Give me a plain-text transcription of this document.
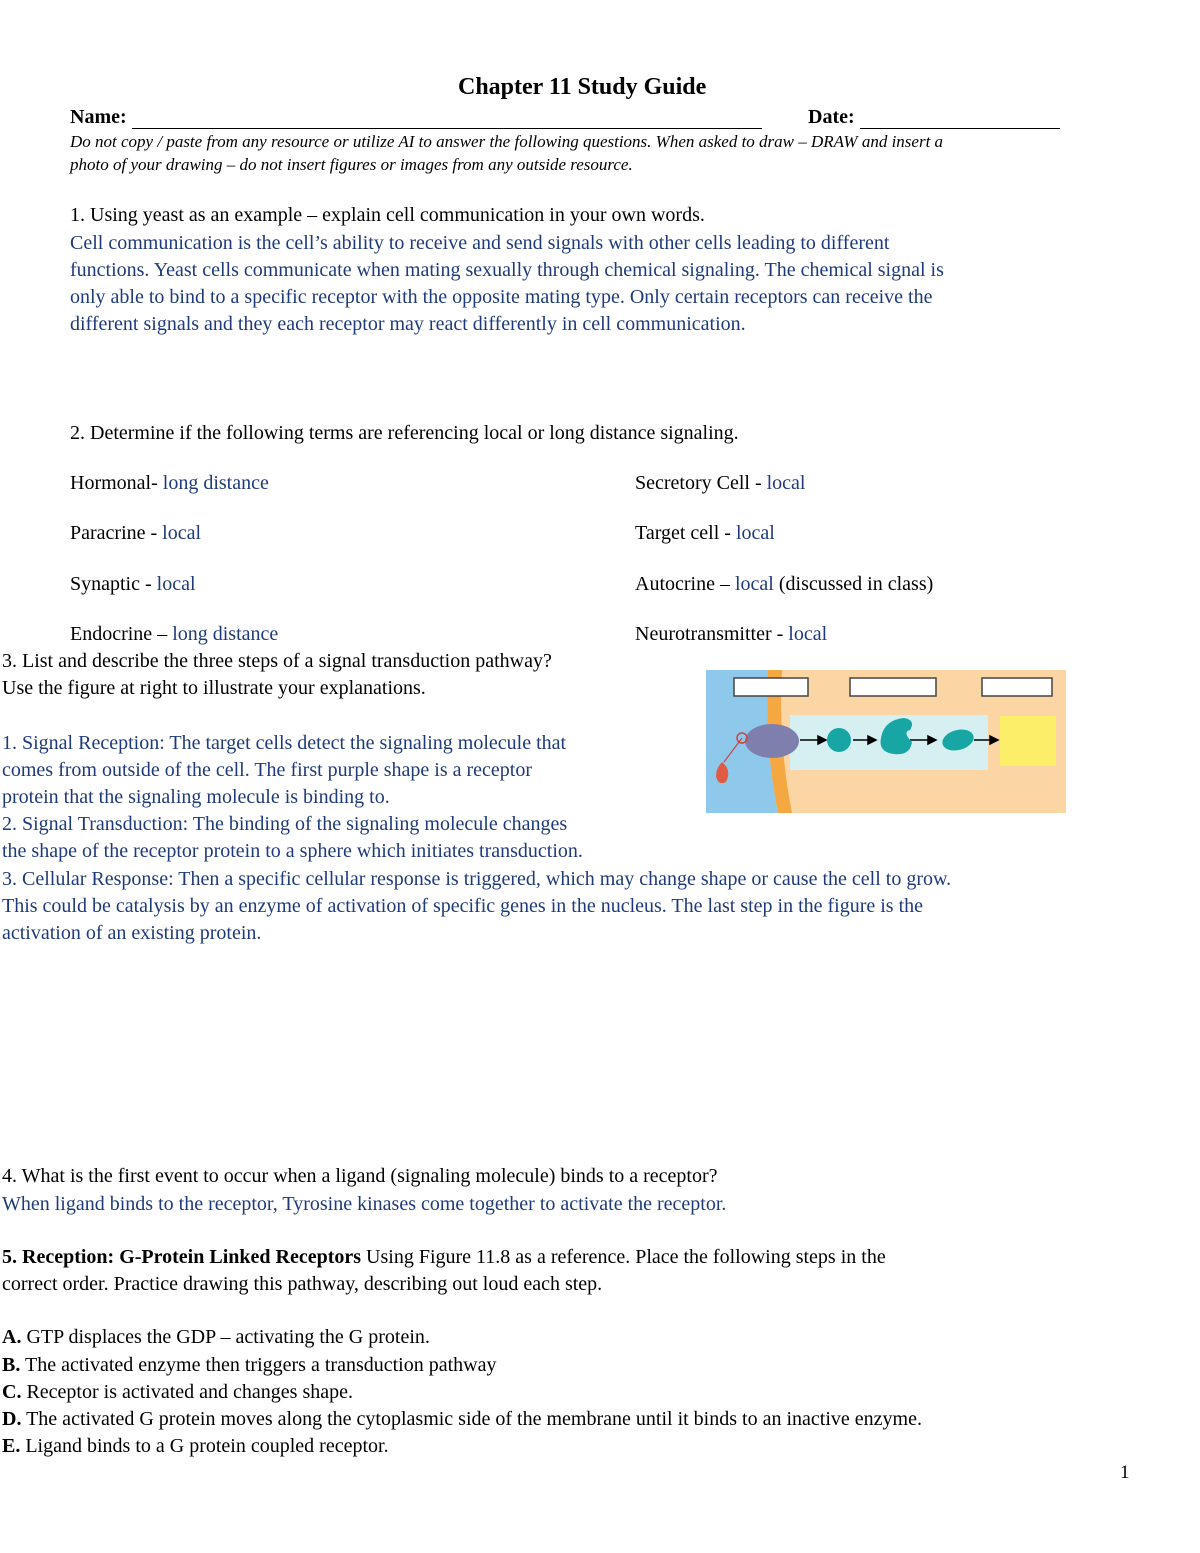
Chapter 11 Study Guide
Name:	Date:
Do not copy / paste from any resource or utilize AI to answer the following questions. When asked to draw – DRAW and insert a
photo of your drawing – do not insert figures or images from any outside resource.
1. Using yeast as an example – explain cell communication in your own words.
Cell communication is the cell’s ability to receive and send signals with other cells leading to different
functions. Yeast cells communicate when mating sexually through chemical signaling. The chemical signal is
only able to bind to a specific receptor with the opposite mating type. Only certain receptors can receive the
different signals and they each receptor may react differently in cell communication.
2. Determine if the following terms are referencing local or long distance signaling.
Hormonal- long distance
Paracrine - local
Synaptic - local
Endocrine – long distance
Secretory Cell - local
Target cell - local
Autocrine – local (discussed in class)
Neurotransmitter - local
3. List and describe the three steps of a signal transduction pathway?
Use the figure at right to illustrate your explanations.
1. Signal Reception: The target cells detect the signaling molecule that
comes from outside of the cell. The first purple shape is a receptor
protein that the signaling molecule is binding to.
2. Signal Transduction: The binding of the signaling molecule changes
the shape of the receptor protein to a sphere which initiates transduction.
3. Cellular Response: Then a specific cellular response is triggered, which may change shape or cause the cell to grow.
This could be catalysis by an enzyme of activation of specific genes in the nucleus. The last step in the figure is the
activation of an existing protein.
4. What is the first event to occur when a ligand (signaling molecule) binds to a receptor?
When ligand binds to the receptor, Tyrosine kinases come together to activate the receptor.
5. Reception: G-Protein Linked Receptors Using Figure 11.8 as a reference. Place the following steps in the
correct order. Practice drawing this pathway, describing out loud each step.
A. GTP displaces the GDP – activating the G protein.
B. The activated enzyme then triggers a transduction pathway
C. Receptor is activated and changes shape.
D. The activated G protein moves along the cytoplasmic side of the membrane until it binds to an inactive enzyme.
E. Ligand binds to a G protein coupled receptor.
1
